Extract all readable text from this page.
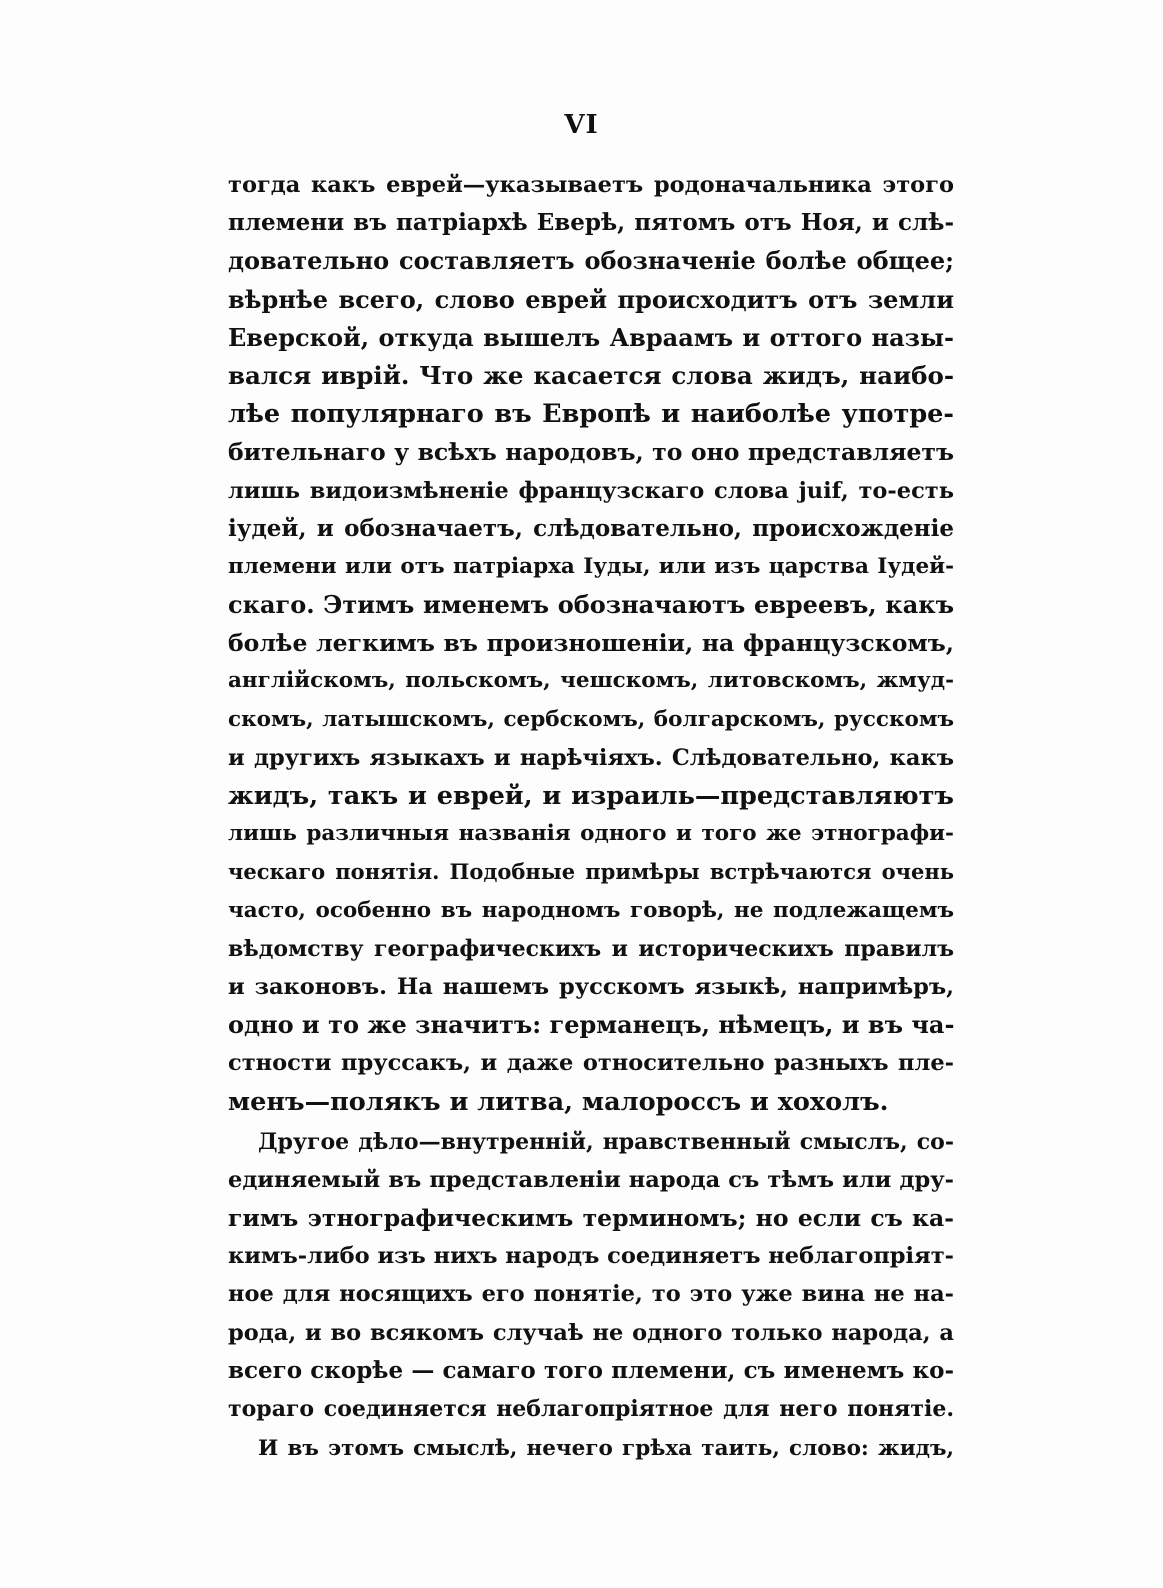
VI
тогда какъ еврей—указываетъ родоначальника этого
племени въ патріархѣ Еверѣ, пятомъ отъ Ноя, и слѣ-
довательно составляетъ обозначеніе болѣе общее;
вѣрнѣе всего, слово еврей происходитъ отъ земли
Еверской, откуда вышелъ Авраамъ и оттого назы-
вался иврій. Что же касается слова жидъ, наибо-
лѣе популярнаго въ Европѣ и наиболѣе употре-
бительнаго у всѣхъ народовъ, то оно представляетъ
лишь видоизмѣненіе французскаго слова juif, то-есть
іудей, и обозначаетъ, слѣдовательно, происхожденіе
племени или отъ патріарха Іуды, или изъ царства Іудей-
скаго. Этимъ именемъ обозначаютъ евреевъ, какъ
болѣе легкимъ въ произношеніи, на французскомъ,
англійскомъ, польскомъ, чешскомъ, литовскомъ, жмуд-
скомъ, латышскомъ, сербскомъ, болгарскомъ, русскомъ
и другихъ языкахъ и нарѣчіяхъ. Слѣдовательно, какъ
жидъ, такъ и еврей, и израиль—представляютъ
лишь различныя названія одного и того же этнографи-
ческаго понятія. Подобные примѣры встрѣчаются очень
часто, особенно въ народномъ говорѣ, не подлежащемъ
вѣдомству географическихъ и историческихъ правилъ
и законовъ. На нашемъ русскомъ языкѣ, напримѣръ,
одно и то же значитъ: германецъ, нѣмецъ, и въ ча-
стности пруссакъ, и даже относительно разныхъ пле-
менъ—полякъ и литва, малороссъ и хохолъ.
Другое дѣло—внутренній, нравственный смыслъ, со-
единяемый въ представленіи народа съ тѣмъ или дру-
гимъ этнографическимъ терминомъ; но если съ ка-
кимъ-либо изъ нихъ народъ соединяетъ неблагопріят-
ное для носящихъ его понятіе, то это уже вина не на-
рода, и во всякомъ случаѣ не одного только народа, а
всего скорѣе — самаго того племени, съ именемъ ко-
тораго соединяется неблагопріятное для него понятіе.
И въ этомъ смыслѣ, нечего грѣха таить, слово: жидъ,
